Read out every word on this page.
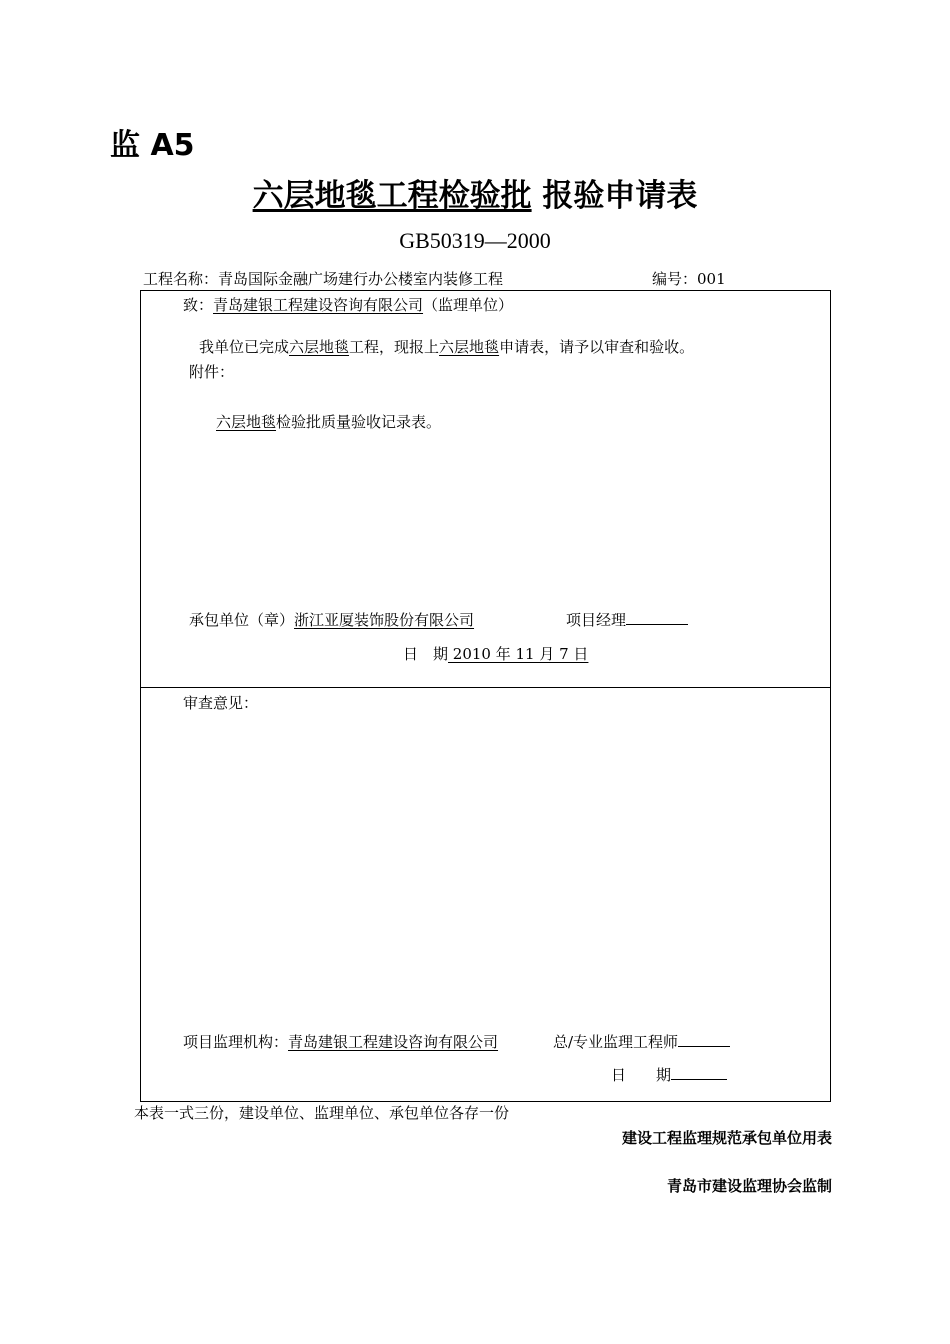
监 A5
六层地毯工程检验批 报验申请表
GB50319—2000
工程名称：青岛国际金融广场建行办公楼室内装修工程	编号：001
致：青岛建银工程建设咨询有限公司（监理单位）
我单位已完成六层地毯工程，现报上六层地毯申请表，请予以审查和验收。
附件：
六层地毯检验批质量验收记录表。
承包单位（章）浙江亚厦装饰股份有限公司	项目经理
日　期 2010 年 11 月 7 日
审查意见：
项目监理机构：青岛建银工程建设咨询有限公司	总/专业监理工程师
日　　期
本表一式三份，建设单位、监理单位、承包单位各存一份
建设工程监理规范承包单位用表
青岛市建设监理协会监制
